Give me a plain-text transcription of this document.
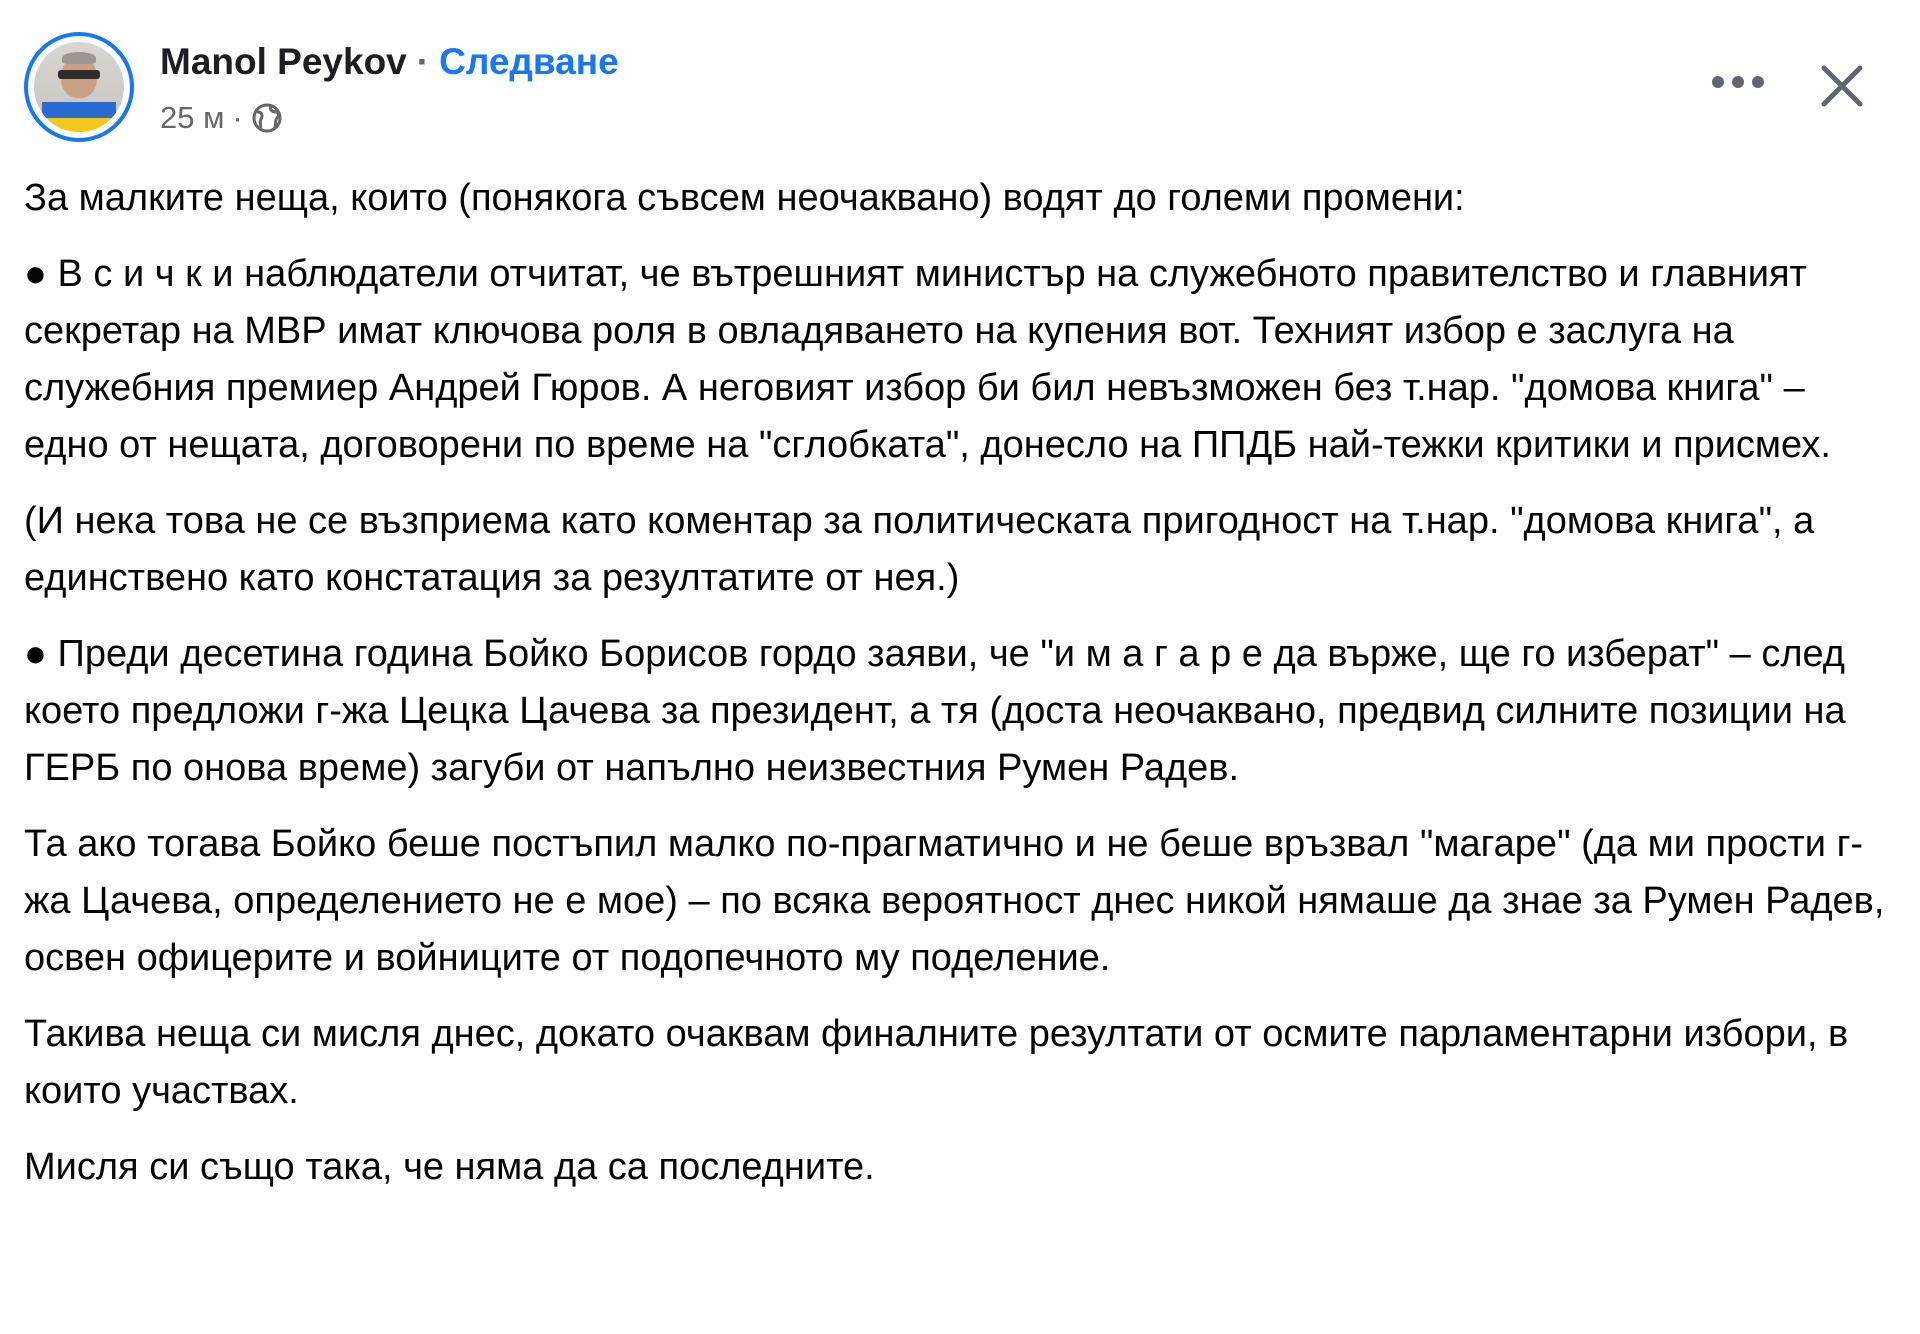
Manol Peykov · Следване
25 м ·

За малките неща, които (понякога съвсем неочаквано) водят до големи промени:

● В с и ч к и наблюдатели отчитат, че вътрешният министър на служебното правителство и главният секретар на МВР имат ключова роля в овладяването на купения вот. Техният избор е заслуга на служебния премиер Андрей Гюров. А неговият избор би бил невъзможен без т.нар. "домова книга" – едно от нещата, договорени по време на "сглобката", донесло на ППДБ най-тежки критики и присмех.

(И нека това не се възприема като коментар за политическата пригодност на т.нар. "домова книга", а единствено като констатация за резултатите от нея.)

● Преди десетина година Бойко Борисов гордо заяви, че "и м а г а р е да върже, ще го изберат" – след което предложи г-жа Цецка Цачева за президент, а тя (доста неочаквано, предвид силните позиции на ГЕРБ по онова време) загуби от напълно неизвестния Румен Радев.

Та ако тогава Бойко беше постъпил малко по-прагматично и не беше връзвал "магаре" (да ми прости г-жа Цачева, определението не е мое) – по всяка вероятност днес никой нямаше да знае за Румен Радев, освен офицерите и войниците от подопечното му поделение.

Такива неща си мисля днес, докато очаквам финалните резултати от осмите парламентарни избори, в които участвах.

Мисля си също така, че няма да са последните.
